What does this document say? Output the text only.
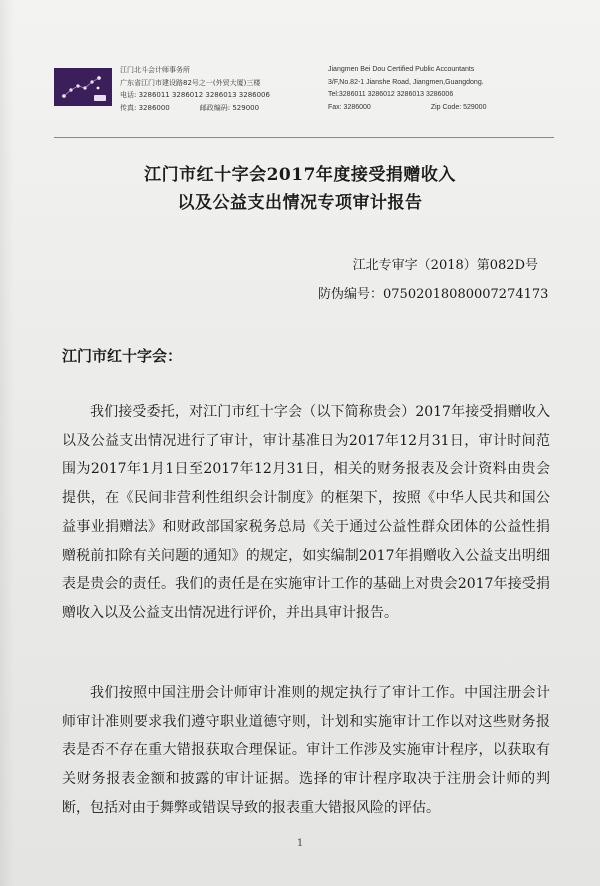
江门北斗会计师事务所
广东省江门市建设路82号之一(外贸大厦)三楼
电话: 3286011 3286012 3286013 3286006
传真: 3286000	邮政编码: 529000
Jiangmen Bei Dou Certified Public Accountants
3/F,No.82-1 Jianshe Road, Jiangmen,Guangdong.
Tel:3286011 3286012 3286013 3286006
Fax: 3286000	Zip Code: 529000
江门市红十字会2017年度接受捐赠收入
以及公益支出情况专项审计报告
江北专审字（2018）第082D号
防伪编号：07502018080007274173
江门市红十字会：
我们接受委托，对江门市红十字会（以下简称贵会）2017年接受捐赠收入以及公益支出情况进行了审计，审计基准日为2017年12月31日，审计时间范围为2017年1月1日至2017年12月31日，相关的财务报表及会计资料由贵会提供，在《民间非营利性组织会计制度》的框架下，按照《中华人民共和国公益事业捐赠法》和财政部国家税务总局《关于通过公益性群众团体的公益性捐赠税前扣除有关问题的通知》的规定，如实编制2017年捐赠收入公益支出明细表是贵会的责任。我们的责任是在实施审计工作的基础上对贵会2017年接受捐赠收入以及公益支出情况进行评价，并出具审计报告。
我们按照中国注册会计师审计准则的规定执行了审计工作。中国注册会计师审计准则要求我们遵守职业道德守则，计划和实施审计工作以对这些财务报表是否不存在重大错报获取合理保证。审计工作涉及实施审计程序，以获取有关财务报表金额和披露的审计证据。选择的审计程序取决于注册会计师的判断，包括对由于舞弊或错误导致的报表重大错报风险的评估。
1
